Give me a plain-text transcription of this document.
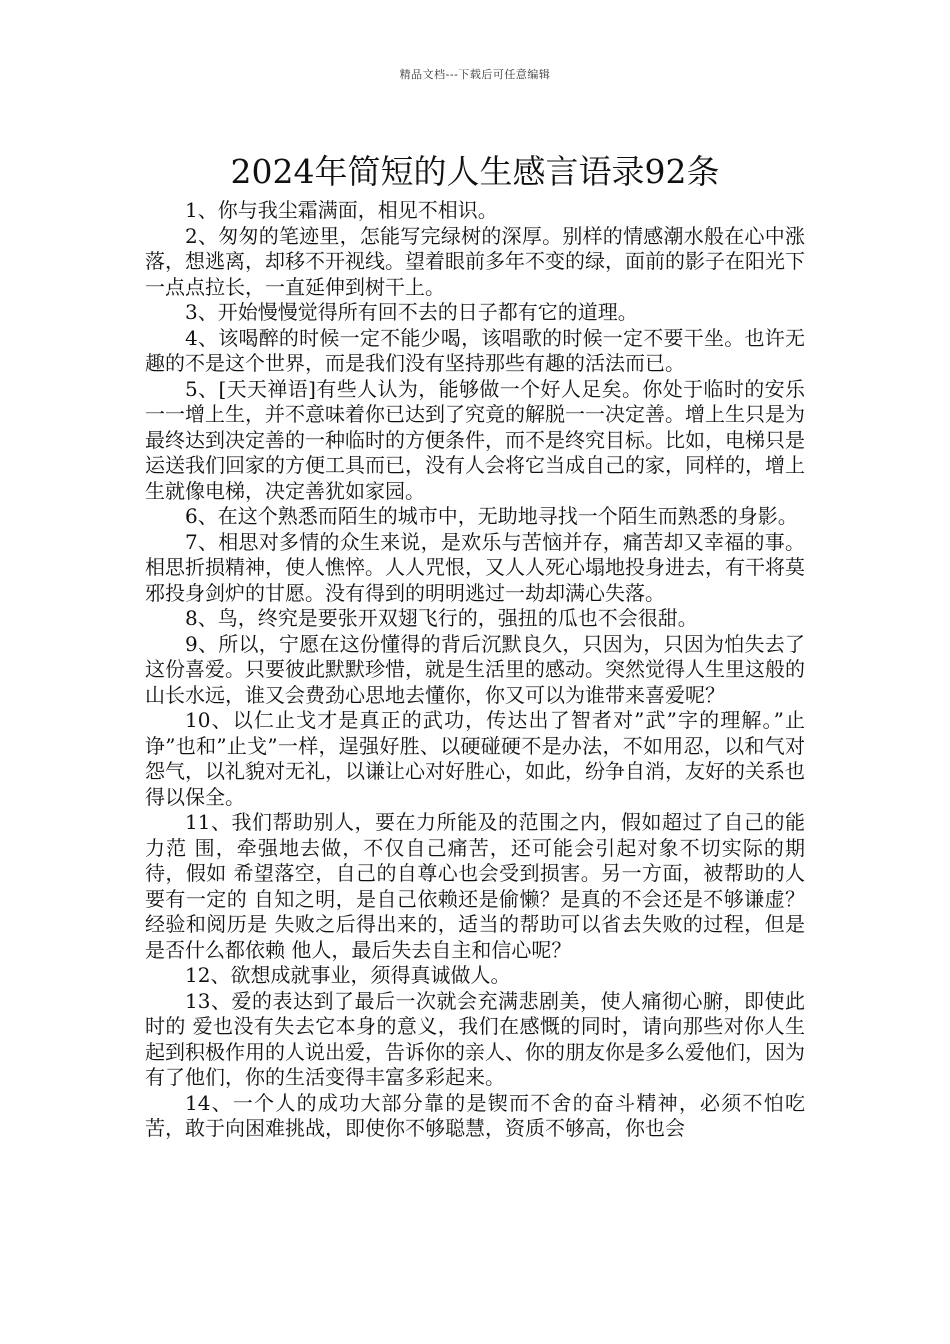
精品文档---下载后可任意编辑
2024年简短的人生感言语录92条

1、你与我尘霜满面，相见不相识。

2、匆匆的笔迹里，怎能写完绿树的深厚。别样的情感潮水般在心中涨落，想逃离，却移不开视线。望着眼前多年不变的绿，面前的影子在阳光下一点点拉长，一直延伸到树干上。

3、开始慢慢觉得所有回不去的日子都有它的道理。

4、该喝醉的时候一定不能少喝，该唱歌的时候一定不要干坐。也许无趣的不是这个世界，而是我们没有坚持那些有趣的活法而已。

5、[天天禅语]有些人认为，能够做一个好人足矣。你处于临时的安乐一一增上生，并不意味着你已达到了究竟的解脱一一决定善。增上生只是为最终达到决定善的一种临时的方便条件，而不是终究目标。比如，电梯只是运送我们回家的方便工具而已，没有人会将它当成自己的家，同样的，增上生就像电梯，决定善犹如家园。

6、在这个熟悉而陌生的城市中，无助地寻找一个陌生而熟悉的身影。

7、相思对多情的众生来说，是欢乐与苦恼并存，痛苦却又幸福的事。相思折损精神，使人憔悴。人人咒恨，又人人死心塌地投身进去，有干将莫邪投身剑炉的甘愿。没有得到的明明逃过一劫却满心失落。

8、鸟，终究是要张开双翅飞行的，强扭的瓜也不会很甜。

9、所以，宁愿在这份懂得的背后沉默良久，只因为，只因为怕失去了这份喜爱。只要彼此默默珍惜，就是生活里的感动。突然觉得人生里这般的山长水远，谁又会费劲心思地去懂你，你又可以为谁带来喜爱呢？

10、以仁止戈才是真正的武功，传达出了智者对”武”字的理解。”止诤”也和”止戈”一样，逞强好胜、以硬碰硬不是办法，不如用忍，以和气对怨气，以礼貌对无礼，以谦让心对好胜心，如此，纷争自消，友好的关系也得以保全。

11、我们帮助别人，要在力所能及的范围之内，假如超过了自己的能力范 围，牵强地去做，不仅自己痛苦，还可能会引起对象不切实际的期待，假如 希望落空，自己的自尊心也会受到损害。另一方面，被帮助的人要有一定的 自知之明，是自己依赖还是偷懒？是真的不会还是不够谦虚？经验和阅历是 失败之后得出来的，适当的帮助可以省去失败的过程，但是是否什么都依赖 他人，最后失去自主和信心呢？

12、欲想成就事业，须得真诚做人。

13、爱的表达到了最后一次就会充满悲剧美，使人痛彻心腑，即使此时的 爱也没有失去它本身的意义，我们在感慨的同时，请向那些对你人生起到积极作用的人说出爱，告诉你的亲人、你的朋友你是多么爱他们，因为有了他们，你的生活变得丰富多彩起来。

14、一个人的成功大部分靠的是锲而不舍的奋斗精神，必须不怕吃苦，敢于向困难挑战，即使你不够聪慧，资质不够高，你也会
